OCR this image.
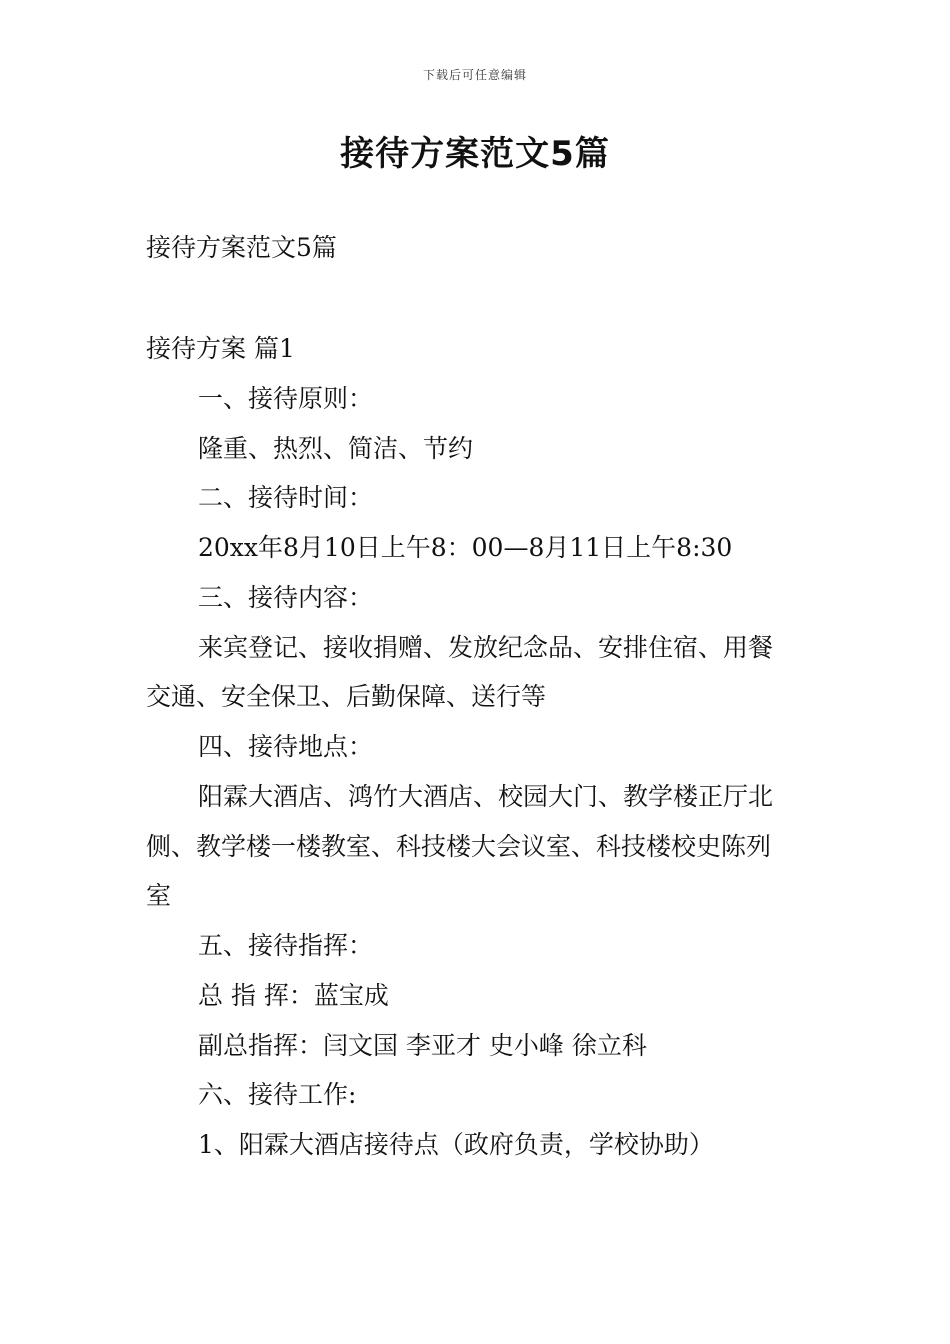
下载后可任意编辑
接待方案范文5篇

接待方案范文5篇

接待方案 篇1

一、接待原则：

隆重、热烈、简洁、节约

二、接待时间：

20xx年8月10日上午8：00—8月11日上午8:30

三、接待内容：

来宾登记、接收捐赠、发放纪念品、安排住宿、用餐

交通、安全保卫、后勤保障、送行等

四、接待地点：

阳霖大酒店、鸿竹大酒店、校园大门、教学楼正厅北

侧、教学楼一楼教室、科技楼大会议室、科技楼校史陈列

室

五、接待指挥：

总 指 挥：蓝宝成

副总指挥：闫文国 李亚才 史小峰 徐立科

六、接待工作:

1、阳霖大酒店接待点（政府负责，学校协助）
